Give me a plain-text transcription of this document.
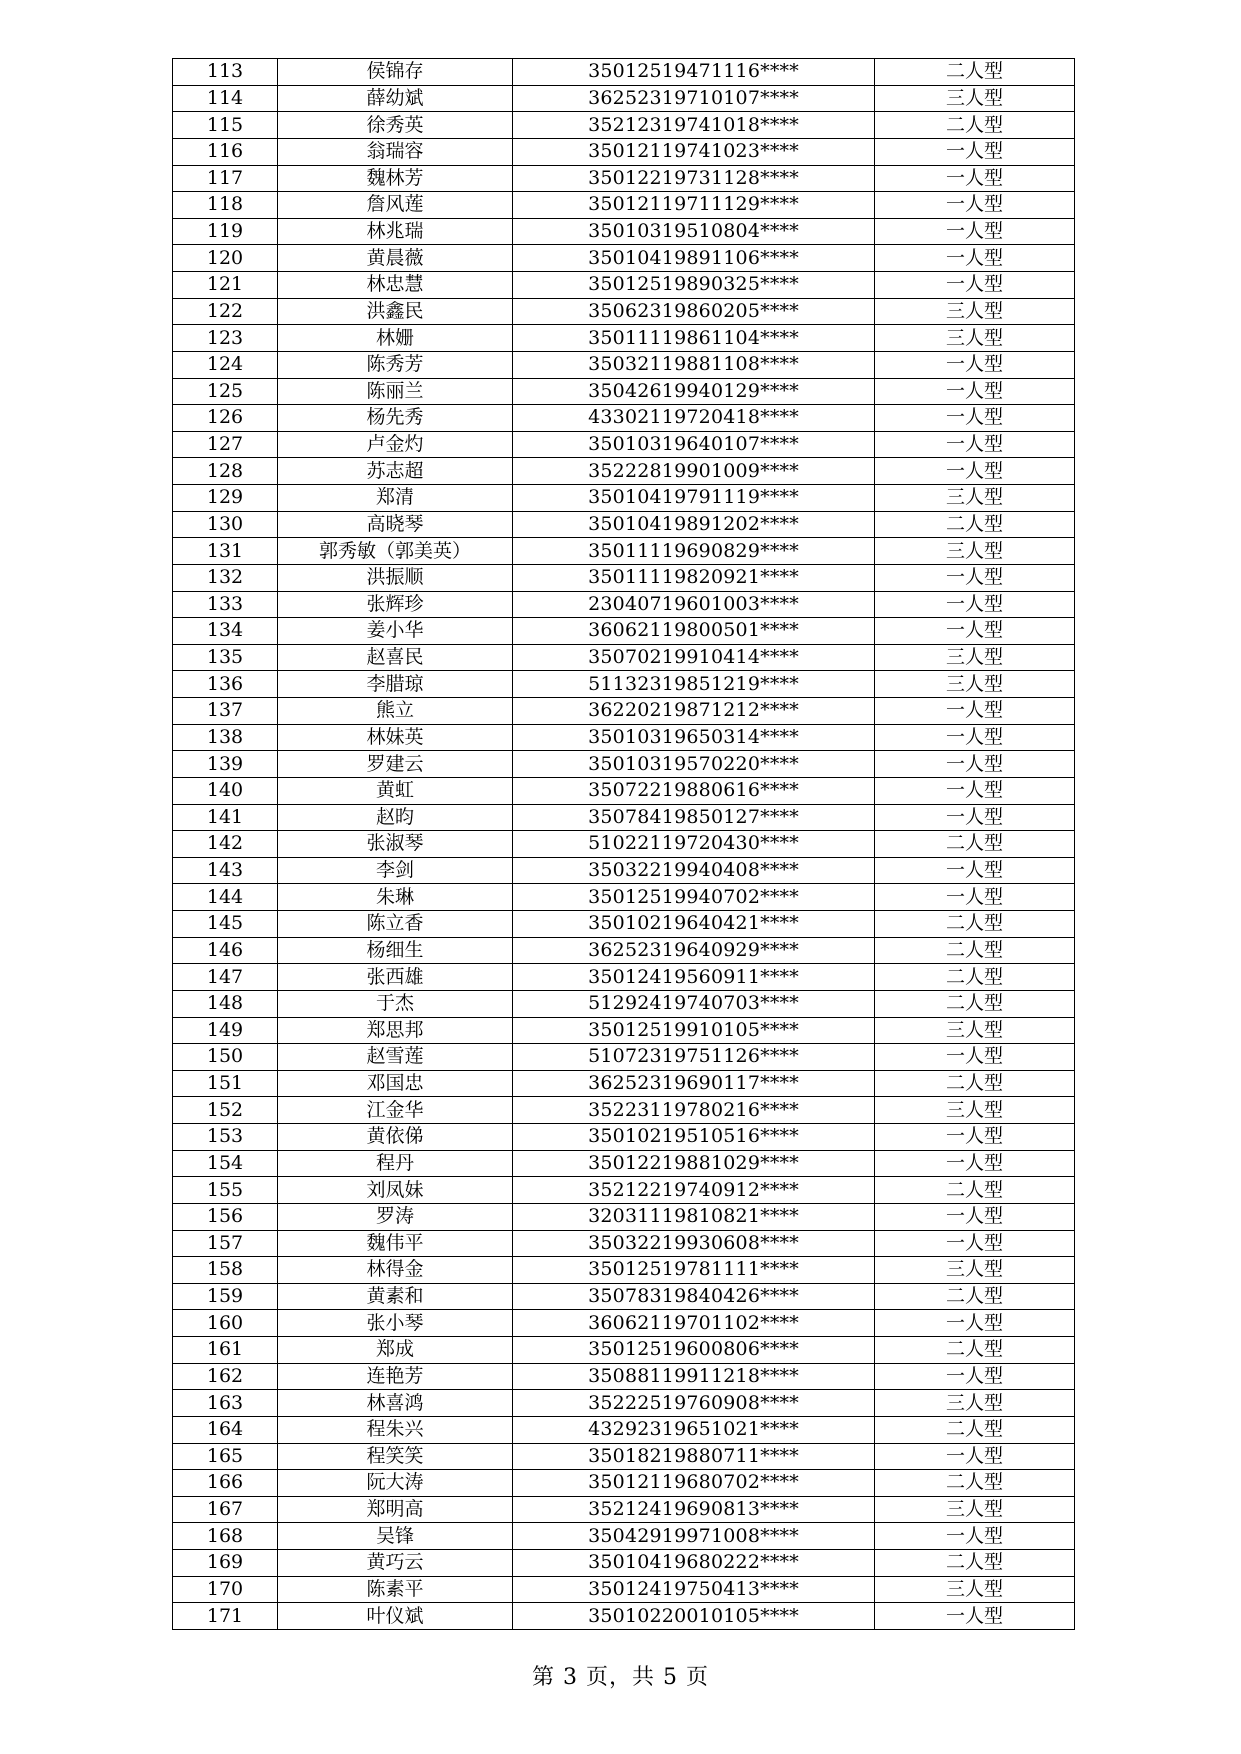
113	侯锦存	35012519471116****	二人型
114	薛幼斌	36252319710107****	三人型
115	徐秀英	35212319741018****	二人型
116	翁瑞容	35012119741023****	一人型
117	魏林芳	35012219731128****	一人型
118	詹风莲	35012119711129****	一人型
119	林兆瑞	35010319510804****	一人型
120	黄晨薇	35010419891106****	一人型
121	林忠慧	35012519890325****	一人型
122	洪鑫民	35062319860205****	三人型
123	林姗	35011119861104****	三人型
124	陈秀芳	35032119881108****	一人型
125	陈丽兰	35042619940129****	一人型
126	杨先秀	43302119720418****	一人型
127	卢金灼	35010319640107****	一人型
128	苏志超	35222819901009****	一人型
129	郑清	35010419791119****	三人型
130	高晓琴	35010419891202****	二人型
131	郭秀敏（郭美英）	35011119690829****	三人型
132	洪振顺	35011119820921****	一人型
133	张辉珍	23040719601003****	一人型
134	姜小华	36062119800501****	一人型
135	赵喜民	35070219910414****	三人型
136	李腊琼	51132319851219****	三人型
137	熊立	36220219871212****	一人型
138	林妹英	35010319650314****	一人型
139	罗建云	35010319570220****	一人型
140	黄虹	35072219880616****	一人型
141	赵昀	35078419850127****	一人型
142	张淑琴	51022119720430****	二人型
143	李剑	35032219940408****	一人型
144	朱琳	35012519940702****	一人型
145	陈立香	35010219640421****	二人型
146	杨细生	36252319640929****	二人型
147	张西雄	35012419560911****	二人型
148	于杰	51292419740703****	二人型
149	郑思邦	35012519910105****	三人型
150	赵雪莲	51072319751126****	一人型
151	邓国忠	36252319690117****	二人型
152	江金华	35223119780216****	三人型
153	黄依俤	35010219510516****	一人型
154	程丹	35012219881029****	一人型
155	刘凤妹	35212219740912****	二人型
156	罗涛	32031119810821****	一人型
157	魏伟平	35032219930608****	一人型
158	林得金	35012519781111****	三人型
159	黄素和	35078319840426****	二人型
160	张小琴	36062119701102****	一人型
161	郑成	35012519600806****	二人型
162	连艳芳	35088119911218****	一人型
163	林喜鸿	35222519760908****	三人型
164	程朱兴	43292319651021****	二人型
165	程笑笑	35018219880711****	一人型
166	阮大涛	35012119680702****	二人型
167	郑明高	35212419690813****	三人型
168	吴锋	35042919971008****	一人型
169	黄巧云	35010419680222****	二人型
170	陈素平	35012419750413****	三人型
171	叶仪斌	35010220010105****	一人型
第 3 页，共 5 页
